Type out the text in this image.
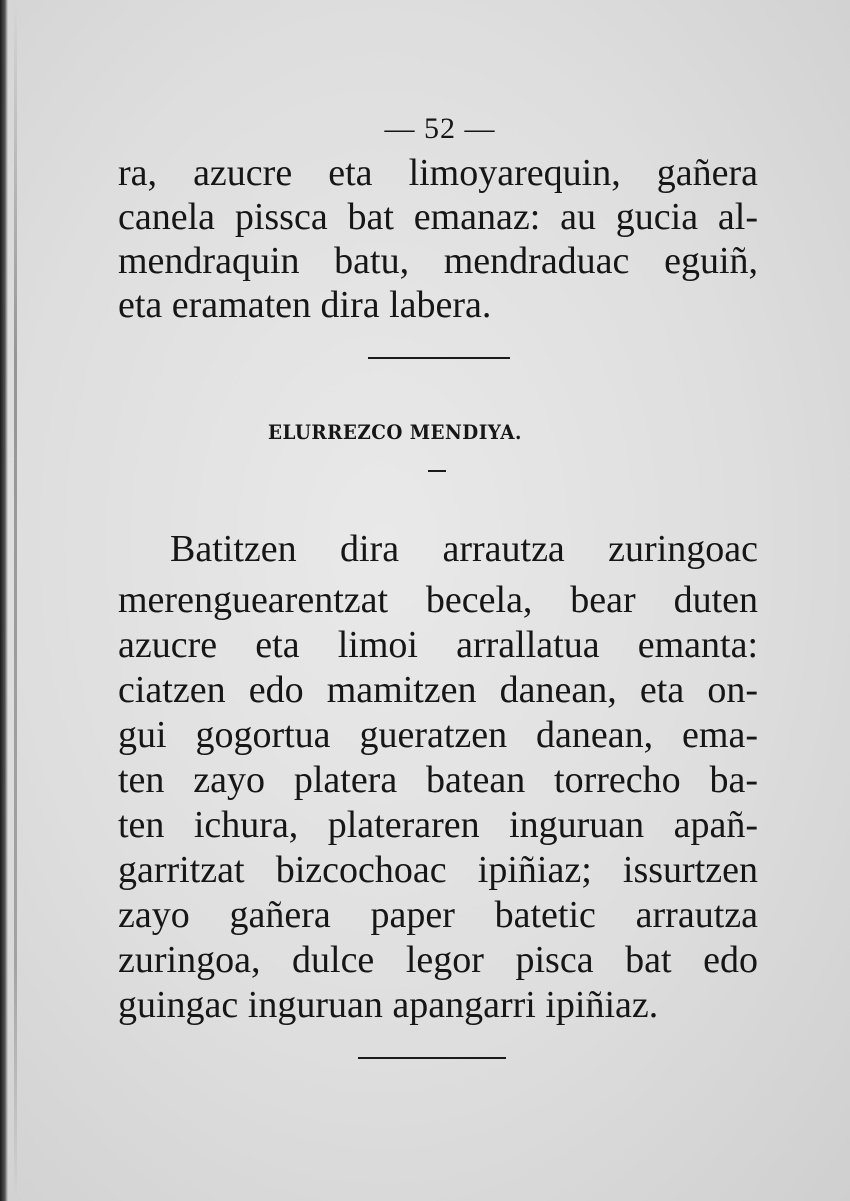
— 52 —
ra, azucre eta limoyarequin, gañera
canela pissca bat emanaz: au gucia al-
mendraquin batu, mendraduac eguiñ,
eta eramaten dira labera.
ELURREZCO MENDIYA.
Batitzen dira arrautza zuringoac
merenguearentzat becela, bear duten
azucre eta limoi arrallatua emanta:
ciatzen edo mamitzen danean, eta on-
gui gogortua gueratzen danean, ema-
ten zayo platera batean torrecho ba-
ten ichura, plateraren inguruan apañ-
garritzat bizcochoac ipiñiaz; issurtzen
zayo gañera paper batetic arrautza
zuringoa, dulce legor pisca bat edo
guingac inguruan apangarri ipiñiaz.
